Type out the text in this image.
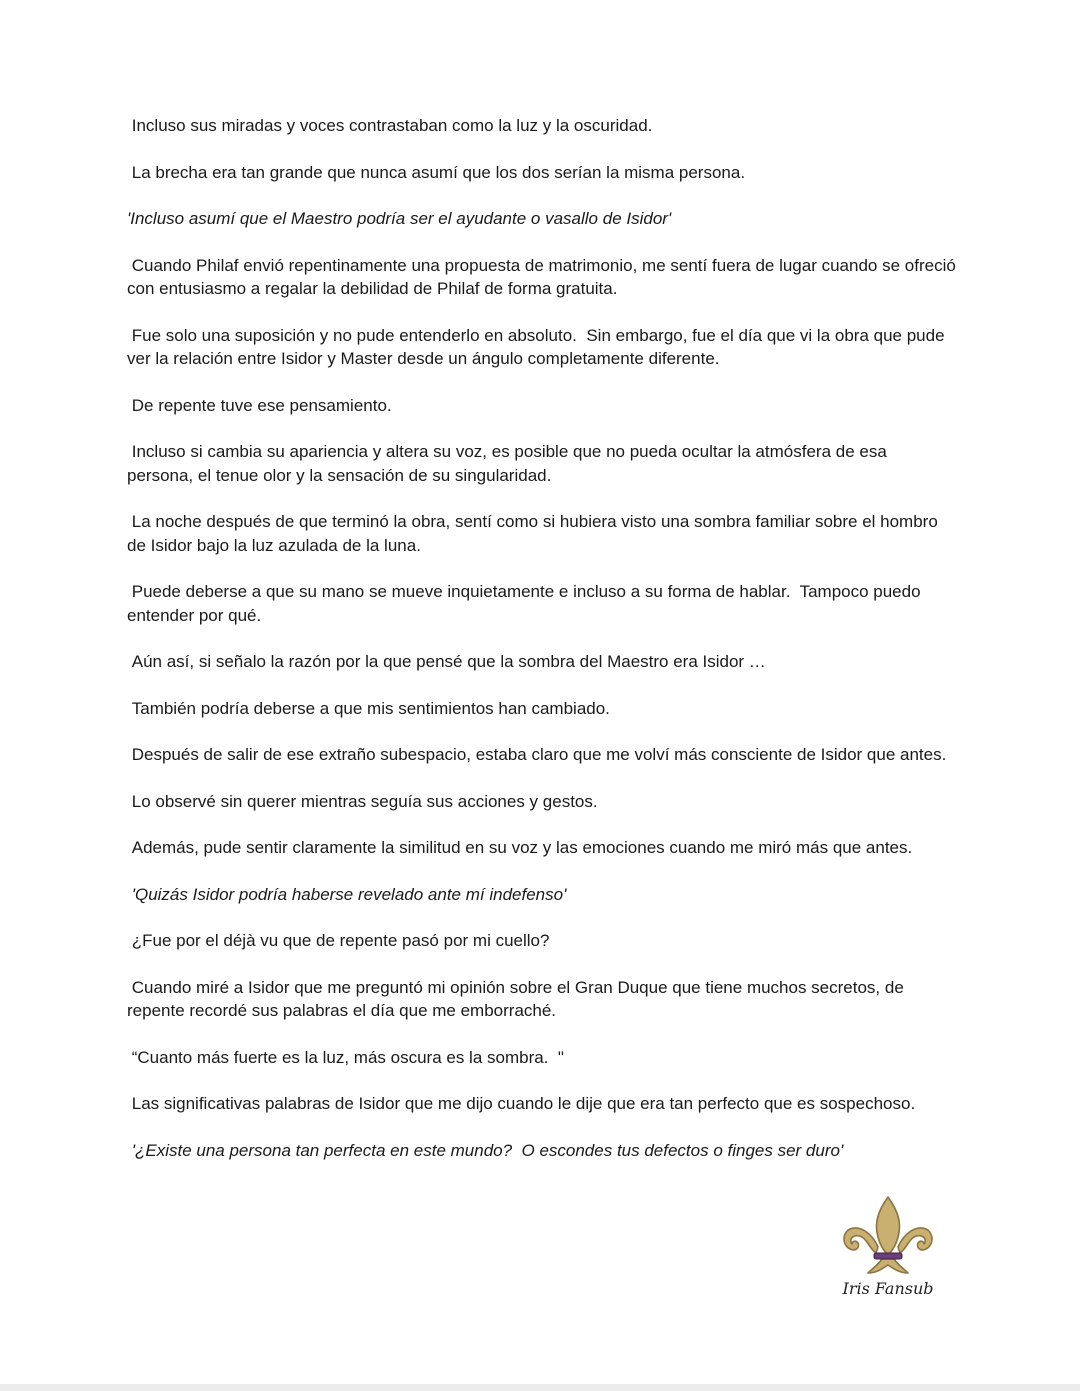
Incluso sus miradas y voces contrastaban como la luz y la oscuridad.

La brecha era tan grande que nunca asumí que los dos serían la misma persona.

'Incluso asumí que el Maestro podría ser el ayudante o vasallo de Isidor'

Cuando Philaf envió repentinamente una propuesta de matrimonio, me sentí fuera de lugar cuando se ofreció con entusiasmo a regalar la debilidad de Philaf de forma gratuita.

Fue solo una suposición y no pude entenderlo en absoluto.  Sin embargo, fue el día que vi la obra que pude ver la relación entre Isidor y Master desde un ángulo completamente diferente.

De repente tuve ese pensamiento.

Incluso si cambia su apariencia y altera su voz, es posible que no pueda ocultar la atmósfera de esa persona, el tenue olor y la sensación de su singularidad.

La noche después de que terminó la obra, sentí como si hubiera visto una sombra familiar sobre el hombro de Isidor bajo la luz azulada de la luna.

Puede deberse a que su mano se mueve inquietamente e incluso a su forma de hablar.  Tampoco puedo entender por qué.

Aún así, si señalo la razón por la que pensé que la sombra del Maestro era Isidor …

También podría deberse a que mis sentimientos han cambiado.

Después de salir de ese extraño subespacio, estaba claro que me volví más consciente de Isidor que antes.

Lo observé sin querer mientras seguía sus acciones y gestos.

Además, pude sentir claramente la similitud en su voz y las emociones cuando me miró más que antes.

'Quizás Isidor podría haberse revelado ante mí indefenso'

¿Fue por el déjà vu que de repente pasó por mi cuello?

Cuando miré a Isidor que me preguntó mi opinión sobre el Gran Duque que tiene muchos secretos, de repente recordé sus palabras el día que me emborraché.

“Cuanto más fuerte es la luz, más oscura es la sombra.  "

Las significativas palabras de Isidor que me dijo cuando le dije que era tan perfecto que es sospechoso.

'¿Existe una persona tan perfecta en este mundo?  O escondes tus defectos o finges ser duro'

Iris Fansub
